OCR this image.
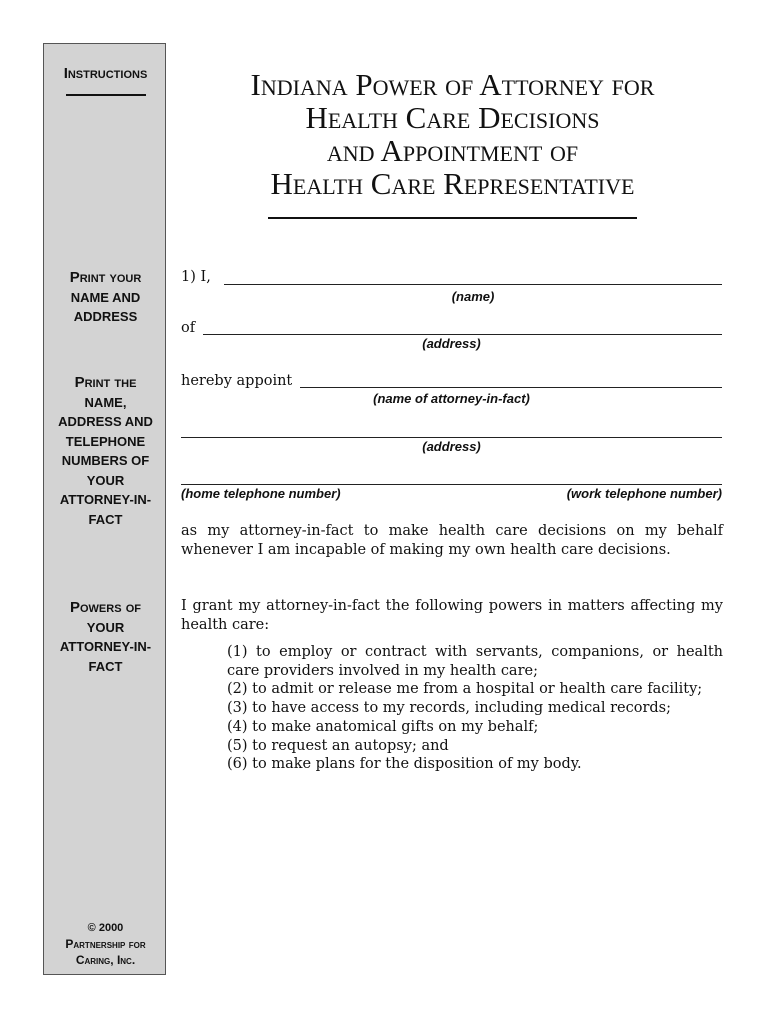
Instructions
Print your
NAME AND
ADDRESS
Print the
NAME,
ADDRESS AND
TELEPHONE
NUMBERS OF
YOUR
ATTORNEY-IN-
FACT
Powers of
YOUR
ATTORNEY-IN-
FACT
© 2000
Partnership for
Caring, Inc.
Indiana Power of Attorney for
Health Care Decisions
and Appointment of
Health Care Representative
1) I,
(name)
of
(address)
hereby appoint
(name of attorney-in-fact)
(address)
(home telephone number)	(work telephone number)
as my attorney-in-fact to make health care decisions on my behalf whenever I am incapable of making my own health care decisions.
I grant my attorney-in-fact the following powers in matters affecting my health care:
(1) to employ or contract with servants, companions, or health care providers involved in my health care;
(2) to admit or release me from a hospital or health care facility;
(3) to have access to my records, including medical records;
(4) to make anatomical gifts on my behalf;
(5) to request an autopsy; and
(6) to make plans for the disposition of my body.
